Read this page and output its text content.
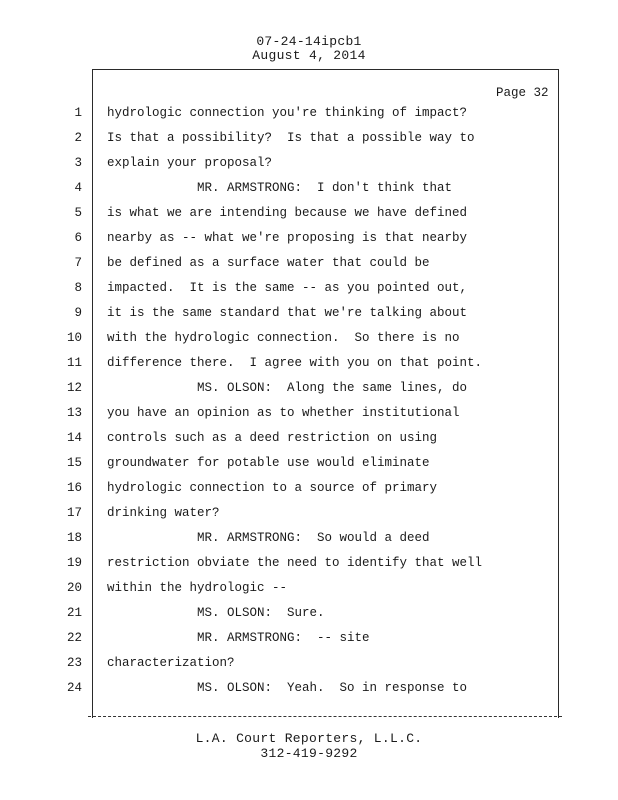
07-24-14ipcb1
August 4, 2014
Page 32
1 hydrologic connection you're thinking of impact?
2 Is that a possibility?  Is that a possible way to
3 explain your proposal?
4 MR. ARMSTRONG:  I don't think that
5 is what we are intending because we have defined
6 nearby as -- what we're proposing is that nearby
7 be defined as a surface water that could be
8 impacted.  It is the same -- as you pointed out,
9 it is the same standard that we're talking about
10 with the hydrologic connection.  So there is no
11 difference there.  I agree with you on that point.
12 MS. OLSON:  Along the same lines, do
13 you have an opinion as to whether institutional
14 controls such as a deed restriction on using
15 groundwater for potable use would eliminate
16 hydrologic connection to a source of primary
17 drinking water?
18 MR. ARMSTRONG:  So would a deed
19 restriction obviate the need to identify that well
20 within the hydrologic --
21 MS. OLSON:  Sure.
22 MR. ARMSTRONG:  -- site
23 characterization?
24 MS. OLSON:  Yeah.  So in response to
L.A. Court Reporters, L.L.C.
312-419-9292
